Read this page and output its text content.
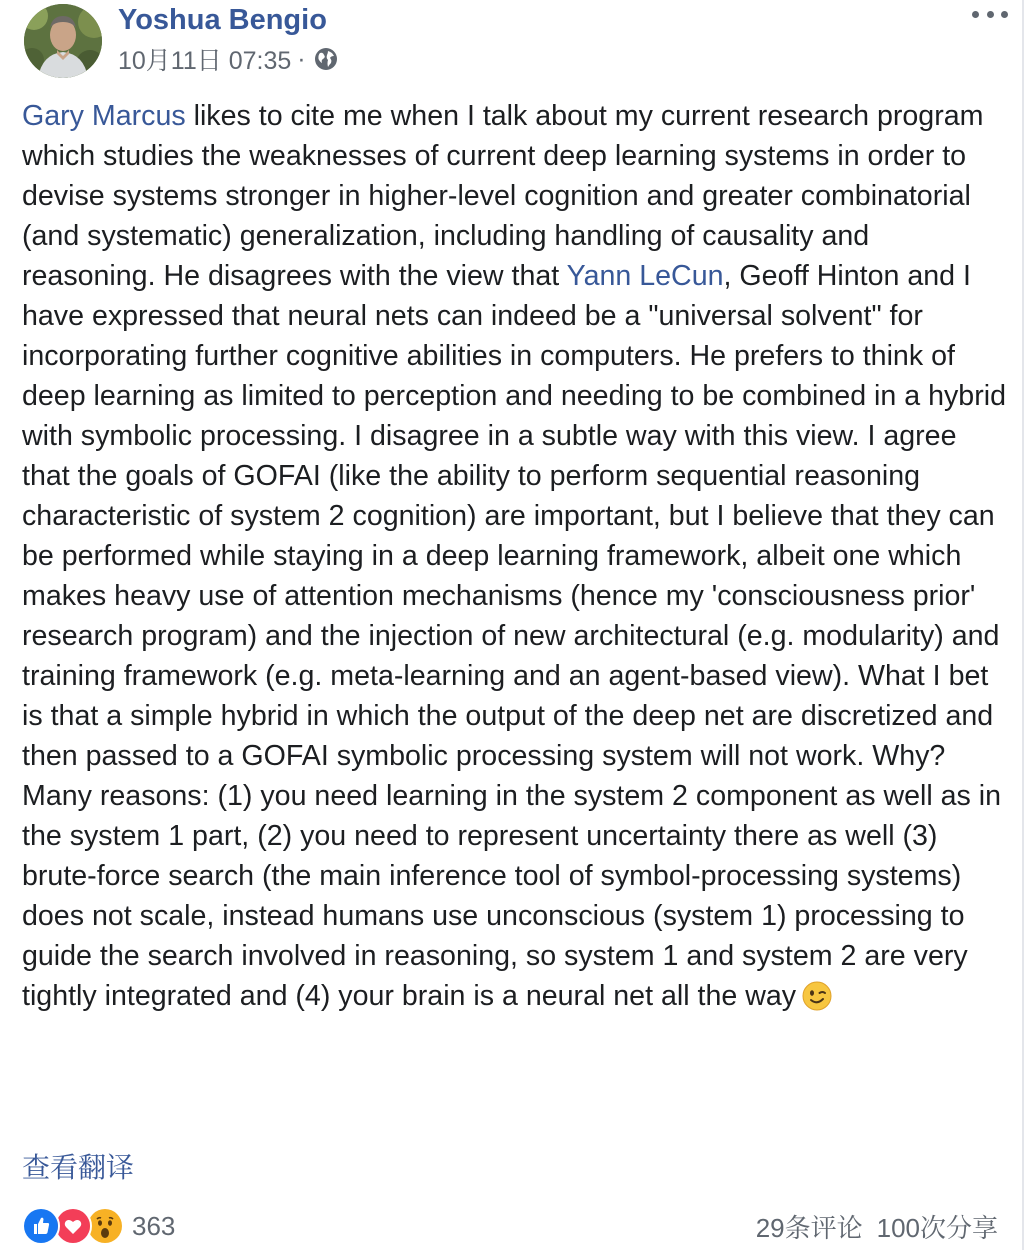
Yoshua Bengio
10月11日 07:35 ·

Gary Marcus likes to cite me when I talk about my current research program which studies the weaknesses of current deep learning systems in order to devise systems stronger in higher-level cognition and greater combinatorial (and systematic) generalization, including handling of causality and reasoning. He disagrees with the view that Yann LeCun, Geoff Hinton and I have expressed that neural nets can indeed be a "universal solvent" for incorporating further cognitive abilities in computers. He prefers to think of deep learning as limited to perception and needing to be combined in a hybrid with symbolic processing. I disagree in a subtle way with this view. I agree that the goals of GOFAI (like the ability to perform sequential reasoning characteristic of system 2 cognition) are important, but I believe that they can be performed while staying in a deep learning framework, albeit one which makes heavy use of attention mechanisms (hence my 'consciousness prior' research program) and the injection of new architectural (e.g. modularity) and training framework (e.g. meta-learning and an agent-based view). What I bet is that a simple hybrid in which the output of the deep net are discretized and then passed to a GOFAI symbolic processing system will not work. Why? Many reasons: (1) you need learning in the system 2 component as well as in the system 1 part, (2) you need to represent uncertainty there as well (3) brute-force search (the main inference tool of symbol-processing systems) does not scale, instead humans use unconscious (system 1) processing to guide the search involved in reasoning, so system 1 and system 2 are very tightly integrated and (4) your brain is a neural net all the way

查看翻译
363	29条评论 100次分享
